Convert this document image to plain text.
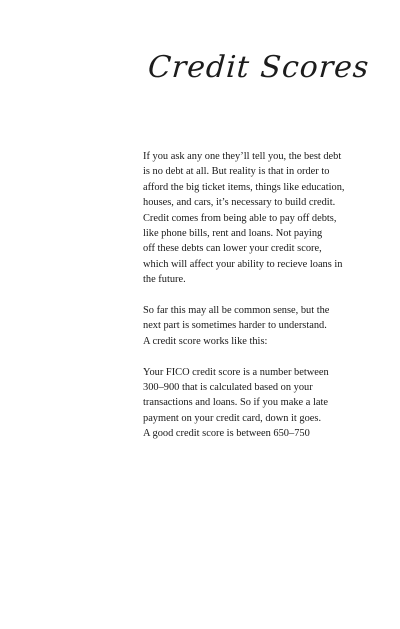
Credit Scores

If you ask any one they’ll tell you, the best debt
is no debt at all. But reality is that in order to
afford the big ticket items, things like education,
houses, and cars, it’s necessary to build credit.
Credit comes from being able to pay off debts,
like phone bills, rent and loans. Not paying
off these debts can lower your credit score,
which will affect your ability to recieve loans in
the future.

So far this may all be common sense, but the
next part is sometimes harder to understand.
A credit score works like this:

Your FICO credit score is a number between
300–900 that is calculated based on your
transactions and loans. So if you make a late
payment on your credit card, down it goes.
A good credit score is between 650–750
